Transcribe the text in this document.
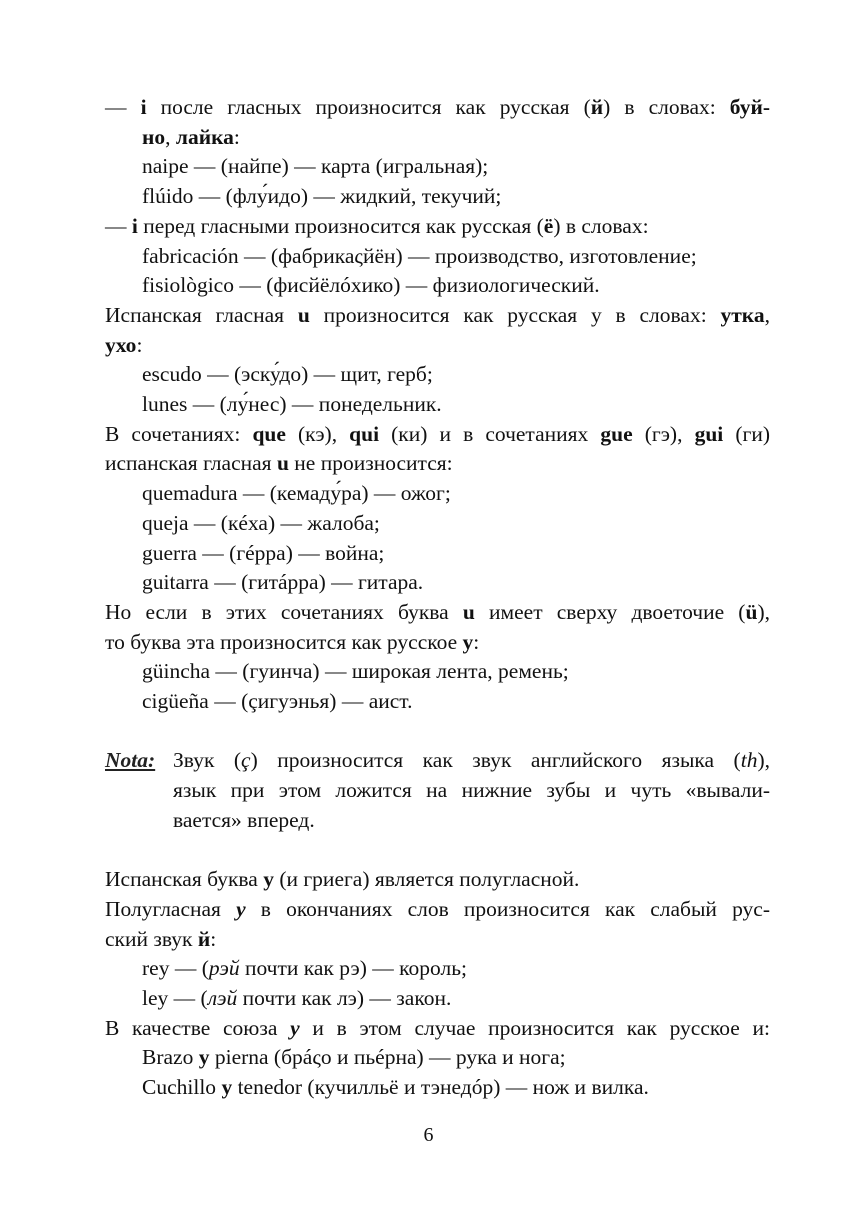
— i после гласных произносится как русская (й) в словах: буй-
но, лайка:
naipe — (найпе) — карта (игральная);
flúido — (флу́идо) — жидкий, текучий;
— i перед гласными произносится как русская (ё) в словах:
fabricación — (фабрикаςйён) — производство, изготовление;
fisiològico — (фисйёлóхико) — физиологический.
Испанская гласная u произносится как русская у в словах: утка,
ухо:
escudo — (эску́до) — щит, герб;
lunes — (лу́нес) — понедельник.
В сочетаниях: que (кэ), qui (ки) и в сочетаниях gue (гэ), gui (ги)
испанская гласная u не произносится:
quemadura — (кемаду́ра) — ожог;
queja — (кéха) — жалоба;
guerra — (гéрра) — война;
guitarra — (гитáрра) — гитара.
Но если в этих сочетаниях буква u имеет сверху двоеточие (ü),
то буква эта произносится как русское у:
güincha — (гуинча) — широкая лента, ремень;
cigüeña — (çигуэнья) — аист.
Nota: Звук (ç) произносится как звук английского языка (th),
язык при этом ложится на нижние зубы и чуть «вывали-
вается» вперед.
Испанская буква у (и гриега) является полугласной.
Полугласная у в окончаниях слов произносится как слабый рус-
ский звук й:
rey — (рэй почти как рэ) — король;
ley — (лэй почти как лэ) — закон.
В качестве союза у и в этом случае произносится как русское и:
Brazo y pierna (брáςо и пьéрна) — рука и нога;
Cuchillo y tenedor (кучилльё и тэнедóр) — нож и вилка.
6
